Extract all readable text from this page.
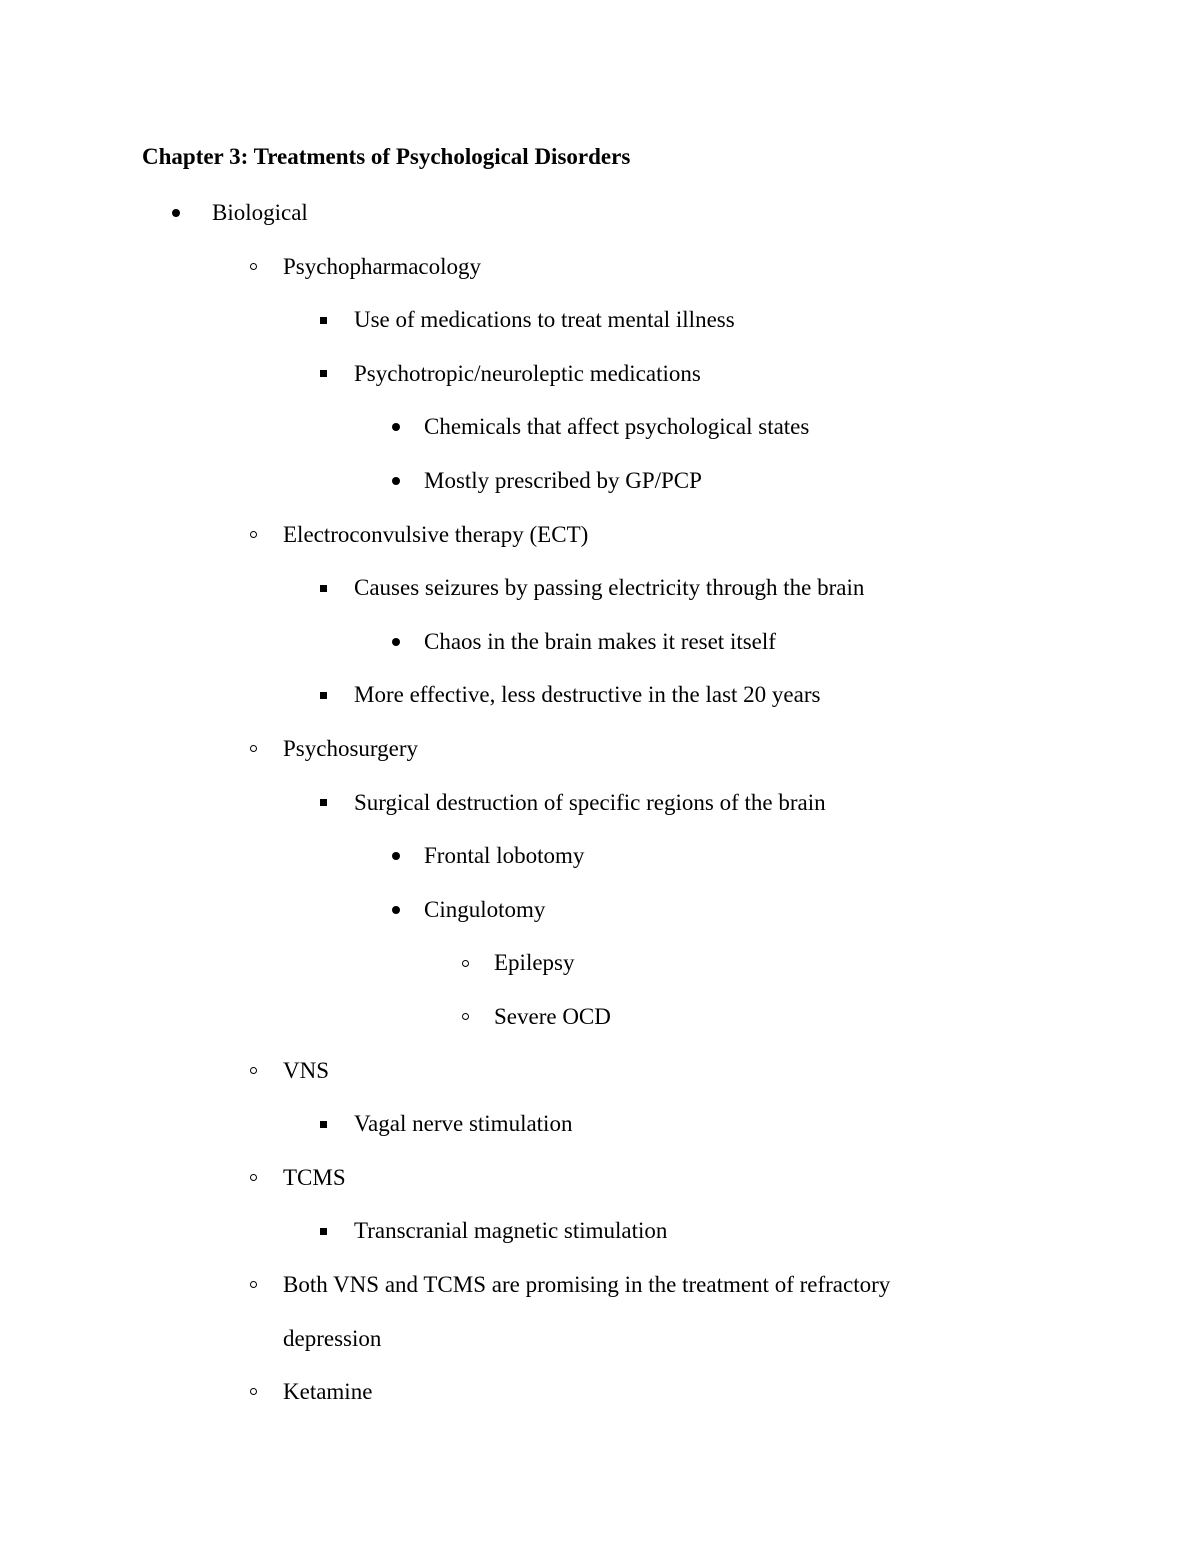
Chapter 3: Treatments of Psychological Disorders
Biological
Psychopharmacology
Use of medications to treat mental illness
Psychotropic/neuroleptic medications
Chemicals that affect psychological states
Mostly prescribed by GP/PCP
Electroconvulsive therapy (ECT)
Causes seizures by passing electricity through the brain
Chaos in the brain makes it reset itself
More effective, less destructive in the last 20 years
Psychosurgery
Surgical destruction of specific regions of the brain
Frontal lobotomy
Cingulotomy
Epilepsy
Severe OCD
VNS
Vagal nerve stimulation
TCMS
Transcranial magnetic stimulation
Both VNS and TCMS are promising in the treatment of refractory
depression
Ketamine
